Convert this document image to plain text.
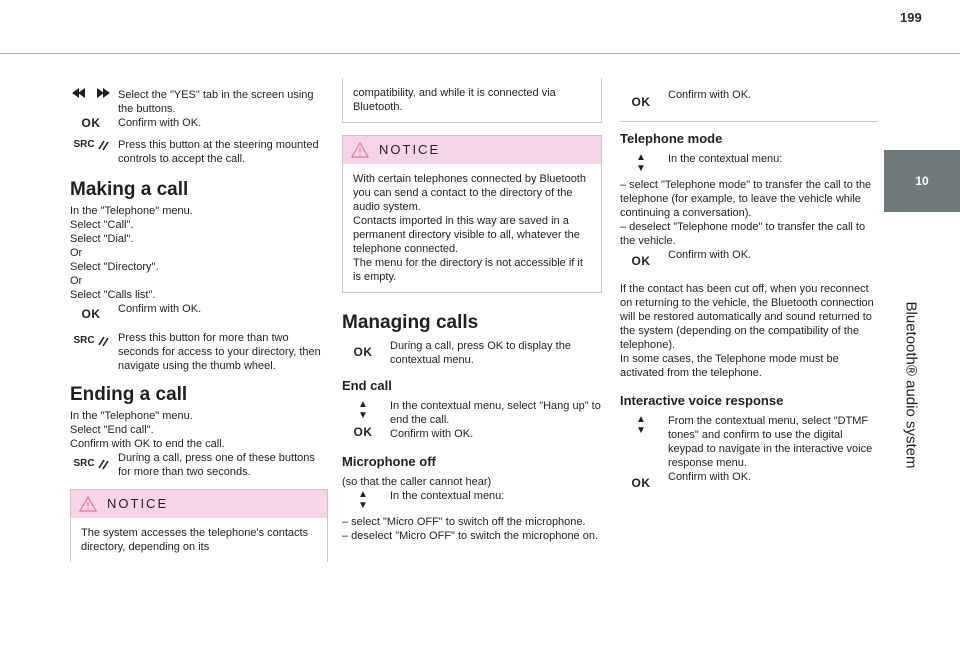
199
10
Bluetooth® audio system
OK

Select the "YES" tab in the screen using the buttons.

Confirm with OK.

SRC Press this button at the steering mounted controls to accept the call.

Making a call

In the "Telephone" menu.

Select "Call".

Select "Dial".

Or

Select "Directory".

Or

Select "Calls list".

OK Confirm with OK.

SRC Press this button for more than two seconds for access to your directory, then navigate using the thumb wheel.

Ending a call

In the "Telephone" menu.

Select "End call".

Confirm with OK to end the call.

SRC During a call, press one of these buttons for more than two seconds.

NOTICE

The system accesses the telephone's contacts directory, depending on its

compatibility, and while it is connected via Bluetooth.

NOTICE

With certain telephones connected by Bluetooth you can send a contact to the directory of the audio system.

Contacts imported in this way are saved in a permanent directory visible to all, whatever the telephone connected.

The menu for the directory is not accessible if it is empty.

Managing calls
OK During a call, press OK to display the contextual menu.

End call
▲
▼
OK

In the contextual menu, select "Hang up" to end the call.

Confirm with OK.

Microphone off

(so that the caller cannot hear)

▲
▼

In the contextual menu:

– select "Micro OFF" to switch off the microphone.

– deselect "Micro OFF" to switch the microphone on.

OK Confirm with OK.

Telephone mode
▲
▼

In the contextual menu:

– select "Telephone mode" to transfer the call to the telephone (for example, to leave the vehicle while continuing a conversation).

– deselect "Telephone mode" to transfer the call to the vehicle.

OK Confirm with OK.

If the contact has been cut off, when you reconnect on returning to the vehicle, the Bluetooth connection will be restored automatically and sound returned to the system (depending on the compatibility of the telephone).

In some cases, the Telephone mode must be activated from the telephone.

Interactive voice response
▲
▼

From the contextual menu, select "DTMF tones" and confirm to use the digital keypad to navigate in the interactive voice response menu.

OK Confirm with OK.
